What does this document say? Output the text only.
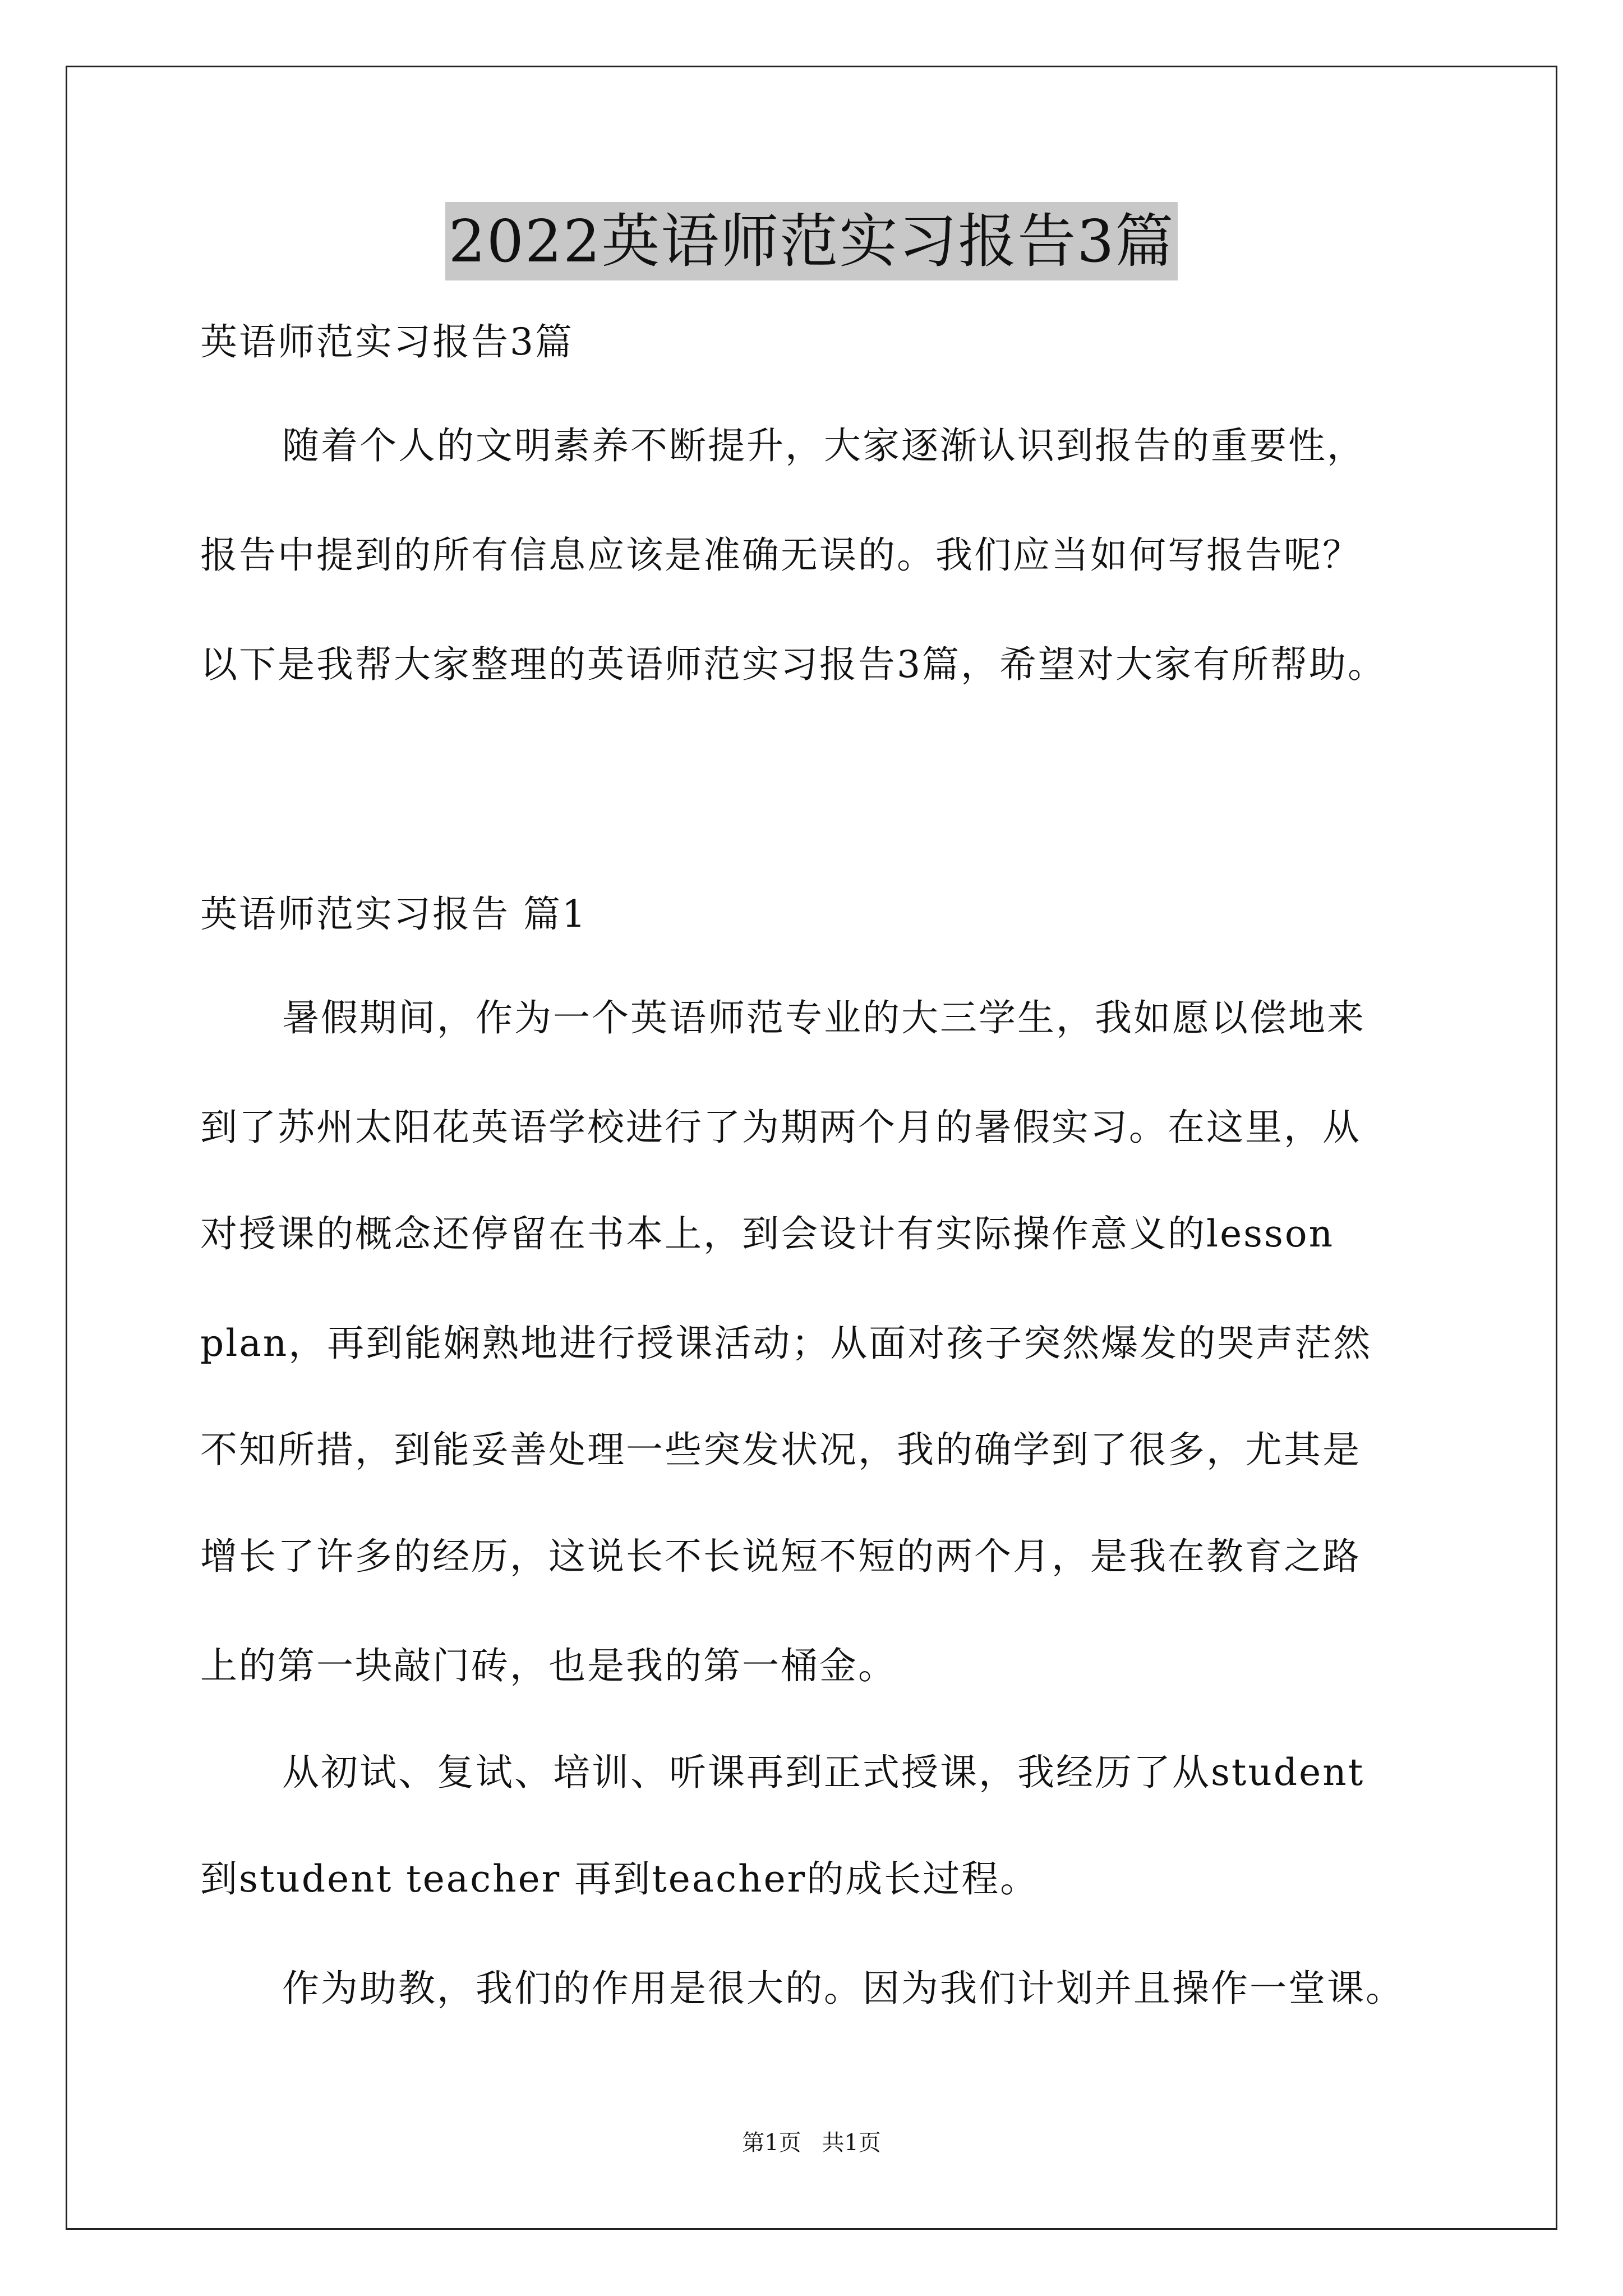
2022英语师范实习报告3篇
英语师范实习报告3篇
随着个人的文明素养不断提升，大家逐渐认识到报告的重要性，
报告中提到的所有信息应该是准确无误的。我们应当如何写报告呢？
以下是我帮大家整理的英语师范实习报告3篇，希望对大家有所帮助。
英语师范实习报告 篇1
暑假期间，作为一个英语师范专业的大三学生，我如愿以偿地来
到了苏州太阳花英语学校进行了为期两个月的暑假实习。在这里，从
对授课的概念还停留在书本上，到会设计有实际操作意义的lesson
plan，再到能娴熟地进行授课活动；从面对孩子突然爆发的哭声茫然
不知所措，到能妥善处理一些突发状况，我的确学到了很多，尤其是
增长了许多的经历，这说长不长说短不短的两个月，是我在教育之路
上的第一块敲门砖，也是我的第一桶金。
从初试、复试、培训、听课再到正式授课，我经历了从student
到student teacher 再到teacher的成长过程。
作为助教，我们的作用是很大的。因为我们计划并且操作一堂课。
第1页 共1页
